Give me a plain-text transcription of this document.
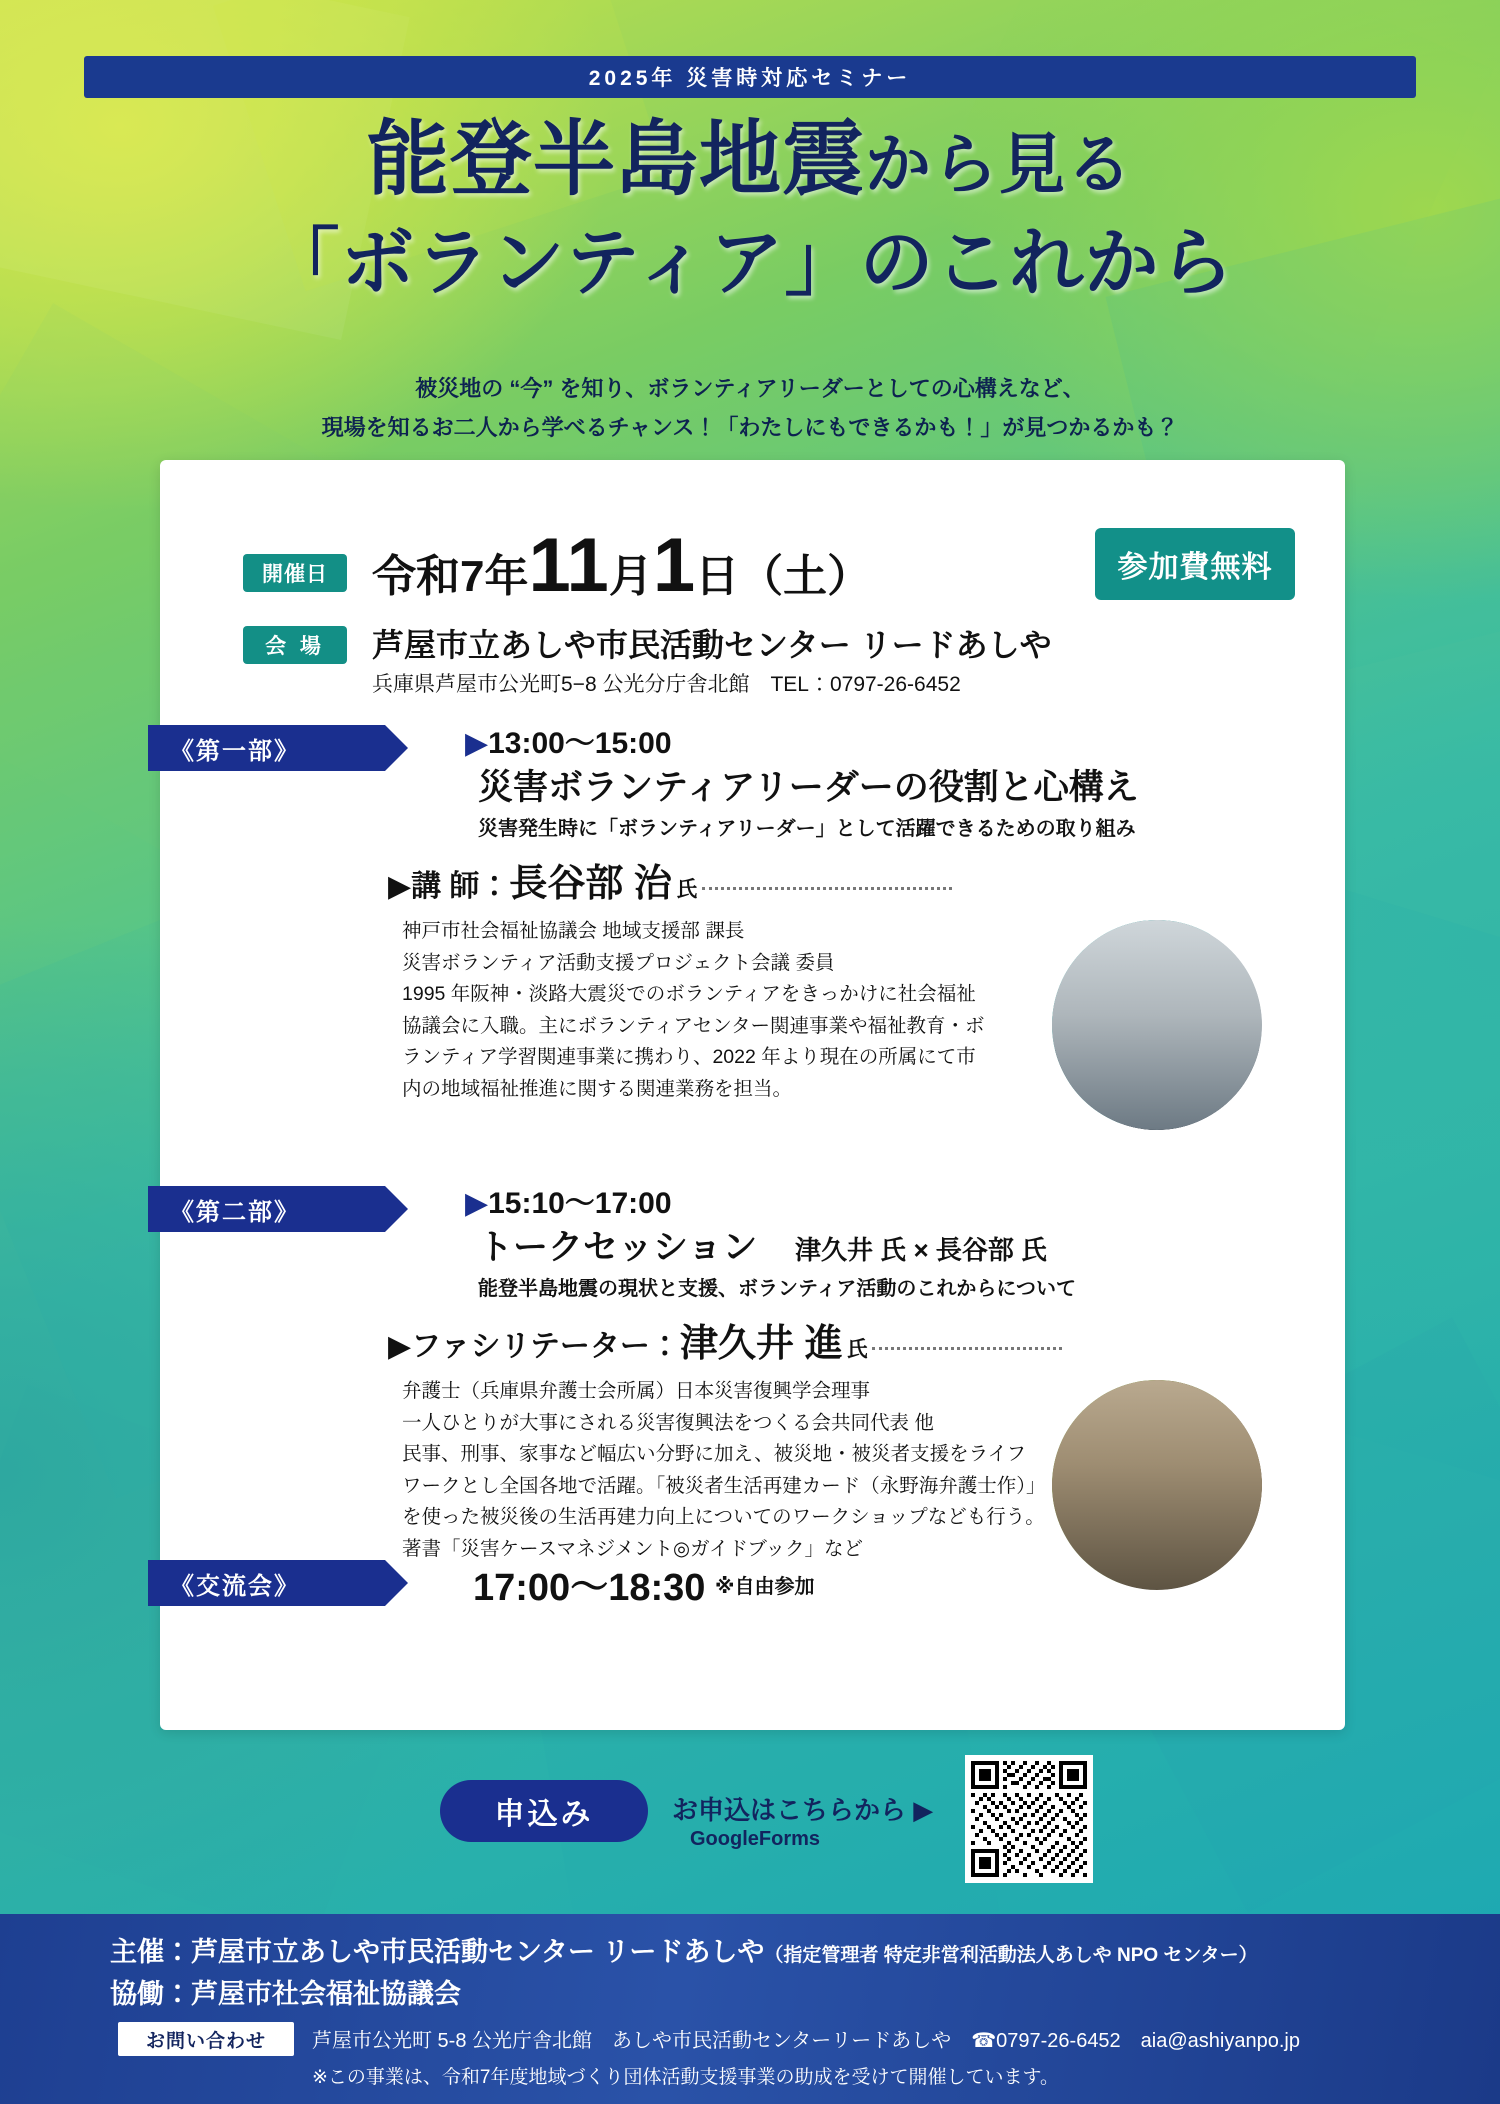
2025年 災害時対応セミナー
能登半島地震から見る
「ボランティア」のこれから
被災地の “今” を知り、ボランティアリーダーとしての心構えなど、
現場を知るお二人から学べるチャンス！「わたしにもできるかも！」が見つかるかも？
開催日	令和7年11月1日（土）	参加費無料
会 場	芦屋市立あしや市民活動センター リードあしや
兵庫県芦屋市公光町5−8 公光分庁舎北館　TEL：0797-26-6452
《第一部》	▶13:00〜15:00
災害ボランティアリーダーの役割と心構え
災害発生時に「ボランティアリーダー」として活躍できるための取り組み
▶講 師：長谷部 治 氏
神戸市社会福祉協議会 地域支援部 課長
災害ボランティア活動支援プロジェクト会議 委員
1995 年阪神・淡路大震災でのボランティアをきっかけに社会福祉
協議会に入職。主にボランティアセンター関連事業や福祉教育・ボ
ランティア学習関連事業に携わり、2022 年より現在の所属にて市
内の地域福祉推進に関する関連業務を担当。
《第二部》	▶15:10〜17:00
トークセッション 津久井 氏 × 長谷部 氏
能登半島地震の現状と支援、ボランティア活動のこれからについて
▶ファシリテーター：津久井 進 氏
弁護士（兵庫県弁護士会所属）日本災害復興学会理事
一人ひとりが大事にされる災害復興法をつくる会共同代表 他
民事、刑事、家事など幅広い分野に加え、被災地・被災者支援をライフ
ワークとし全国各地で活躍。「被災者生活再建カード（永野海弁護士作）」
を使った被災後の生活再建力向上についてのワークショップなども行う。
著書「災害ケースマネジメント◎ガイドブック」など
《交流会》	17:00〜18:30 ※自由参加
申込み	お申込はこちらから ▶
GoogleForms
主催：芦屋市立あしや市民活動センター リードあしや（指定管理者 特定非営利活動法人あしや NPO センター）
協働：芦屋市社会福祉協議会
お問い合わせ	芦屋市公光町 5-8 公光庁舎北館　あしや市民活動センターリードあしや　☎0797-26-6452　aia@ashiyanpo.jp
※この事業は、令和7年度地域づくり団体活動支援事業の助成を受けて開催しています。
